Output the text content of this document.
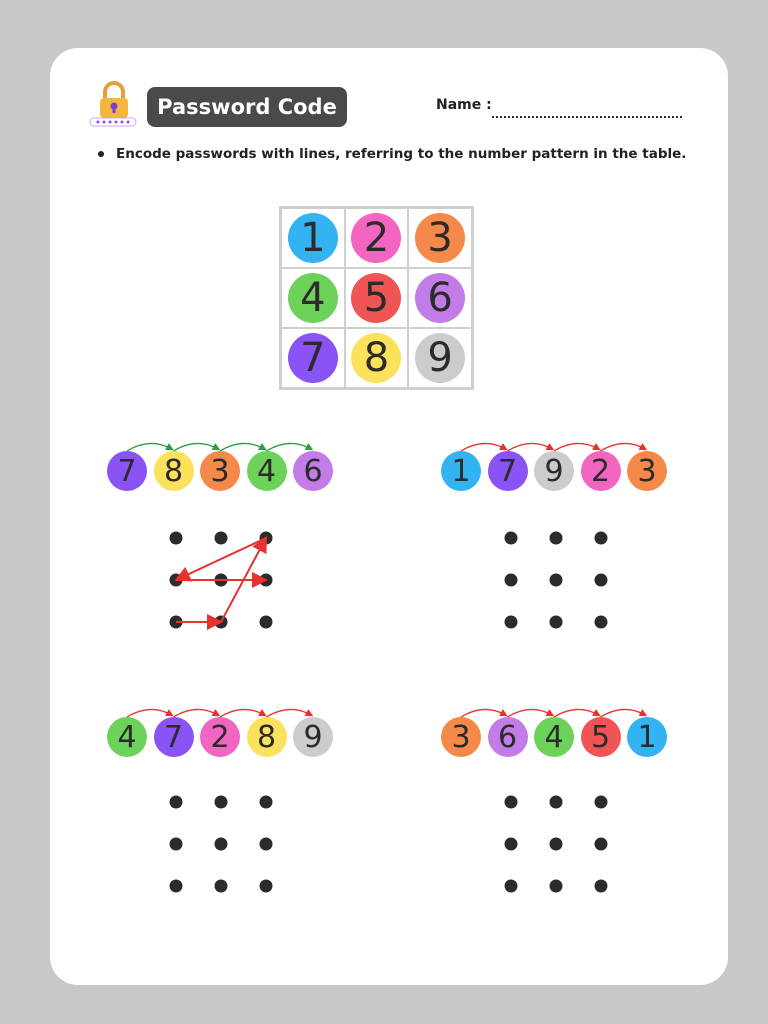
Password Code	Name :
Encode passwords with lines, referring to the number pattern in the table.
1 2 3
4 5 6
7 8 9
7 8 3 4 6	1 7 9 2 3
4 7 2 8 9	3 6 4 5 1
